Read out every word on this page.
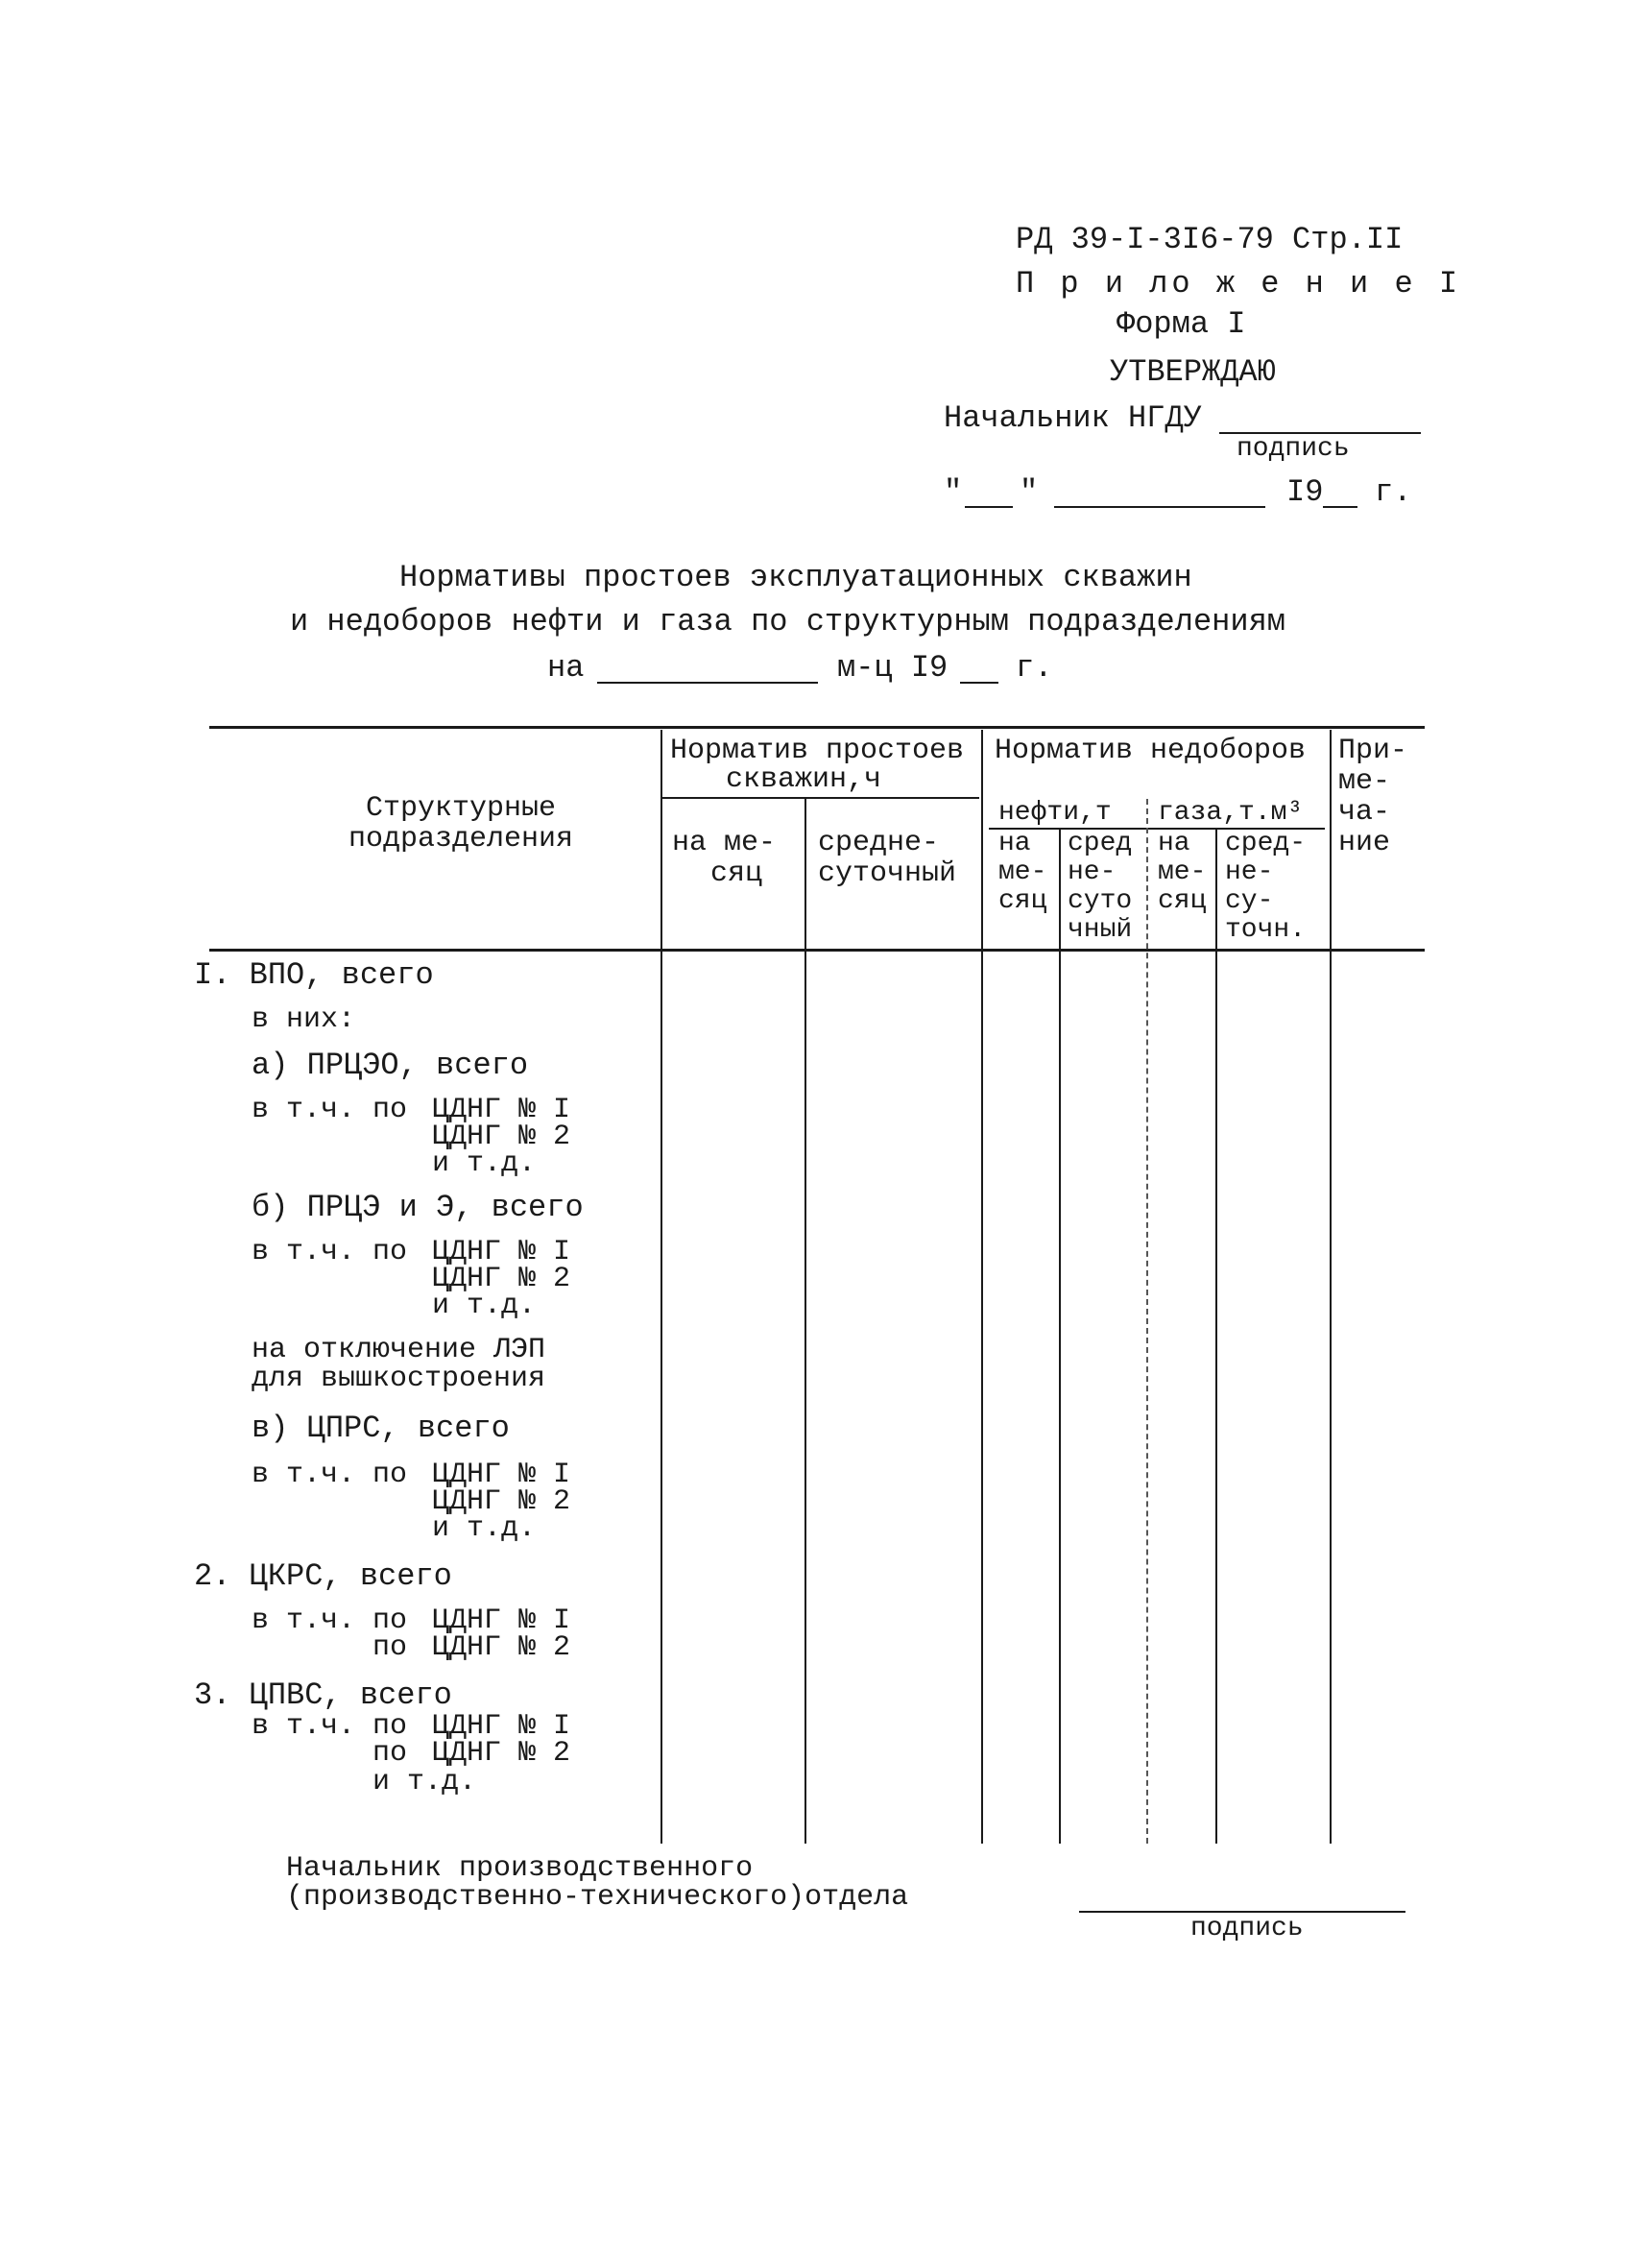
РД 39-I-3I6-79 Стр.II
П р и ло ж е н и е I
Форма I
УТВЕРЖДАЮ
Начальник НГДУ
подпись
" "	I9 г.
Нормативы простоев эксплуатационных скважин
и недоборов нефти и газа по структурным подразделениям
на	м-ц I9 г.
Структурные
подразделения
Норматив простоев
скважин,ч
Норматив недоборов При-
ме-
ча-
ние
на ме-
сяц
средне-
суточный
нефти,т газа,т.м³
на
ме-
сяц
сред
не-
суто
чный
на
ме-
сяц
сред-
не-
су-
точн.
I. ВПО, всего
в них:
а) ПРЦЭО, всего
в т.ч. по ЦДНГ № I
ЦДНГ № 2
и т.д.
б) ПРЦЭ и Э, всего
в т.ч. по ЦДНГ № I
ЦДНГ № 2
и т.д.
на отключение ЛЭП
для вышкостроения
в) ЦПРС, всего
в т.ч. по ЦДНГ № I
ЦДНГ № 2
и т.д.
2. ЦКРС, всего
в т.ч. по ЦДНГ № I
по ЦДНГ № 2
3. ЦПВС, всего
в т.ч. по ЦДНГ № I
по ЦДНГ № 2
и т.д.
Начальник производственного
(производственно-технического)отдела
подпись
